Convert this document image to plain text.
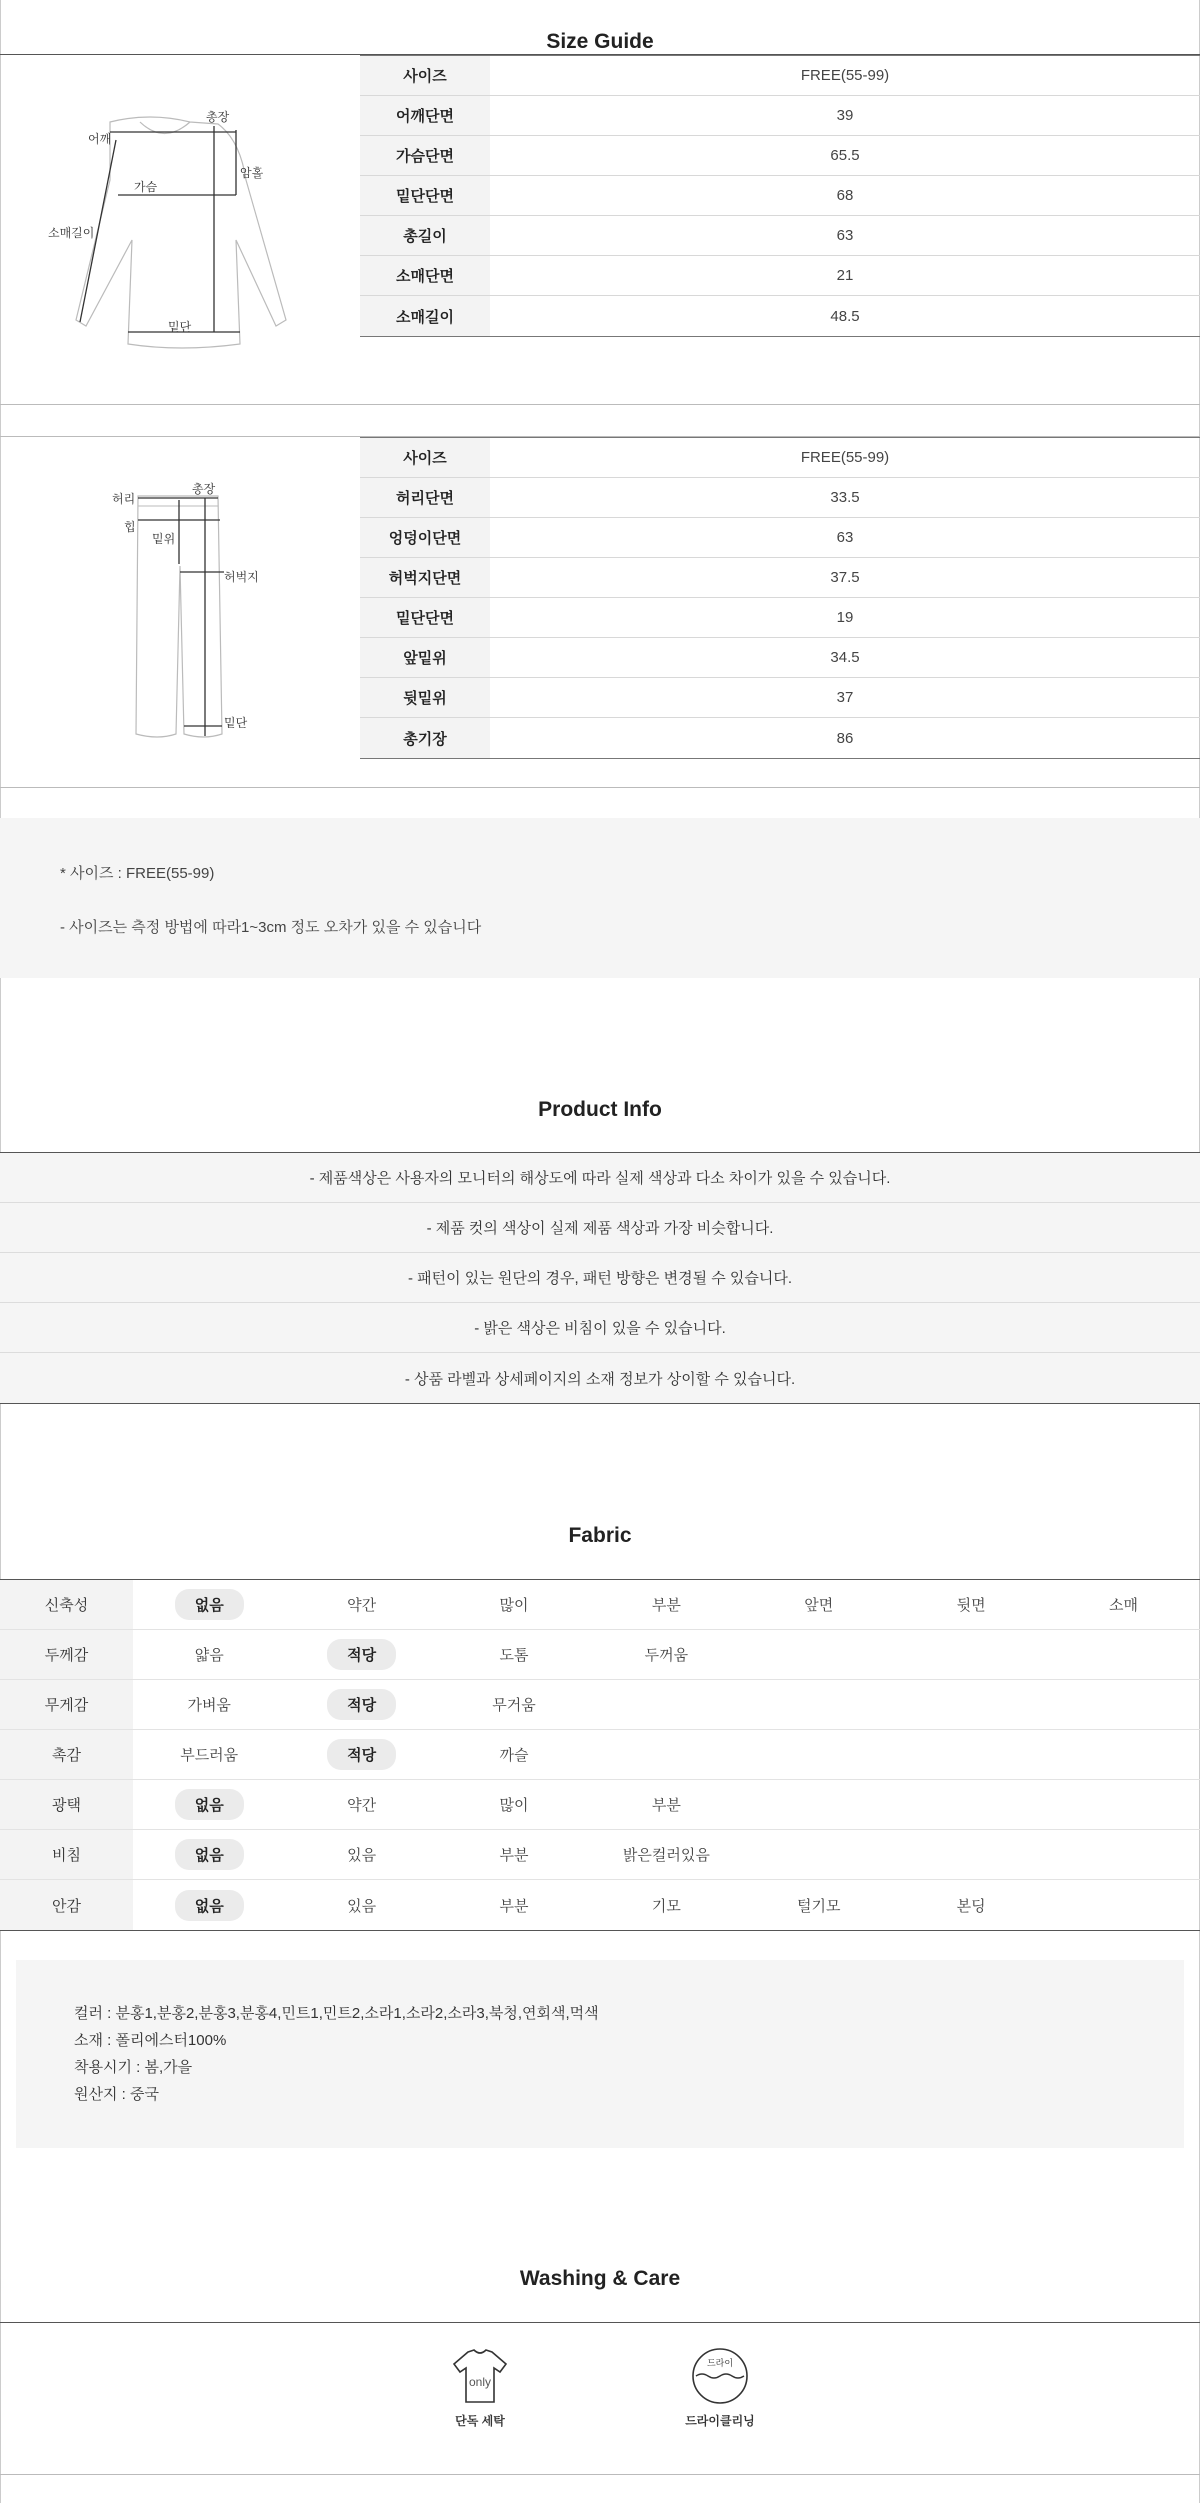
Size Guide
어깨
총장
가슴
암홀
소매길이
밑단
사이즈	FREE(55-99)
어깨단면	39
가슴단면	65.5
밑단단면	68
총길이	63
소매단면	21
소매길이	48.5
허리
총장
힙
밑위
허벅지
밑단
사이즈	FREE(55-99)
허리단면	33.5
엉덩이단면	63
허벅지단면	37.5
밑단단면	19
앞밑위	34.5
뒷밑위	37
총기장	86
* 사이즈 : FREE(55-99)
- 사이즈는 측정 방법에 따라1~3cm 정도 오차가 있을 수 있습니다
Product Info
- 제품색상은 사용자의 모니터의 해상도에 따라 실제 색상과 다소 차이가 있을 수 있습니다.
- 제품 컷의 색상이 실제 제품 색상과 가장 비슷합니다.
- 패턴이 있는 원단의 경우, 패턴 방향은 변경될 수 있습니다.
- 밝은 색상은 비침이 있을 수 있습니다.
- 상품 라벨과 상세페이지의 소재 정보가 상이할 수 있습니다.
Fabric
신축성	없음	약간	많이	부분	앞면	뒷면	소매
두께감	얇음	적당	도톰	두꺼움
무게감	가벼움	적당	무거움
촉감	부드러움	적당	까슬
광택	없음	약간	많이	부분
비침	없음	있음	부분	밝은컬러있음
안감	없음	있음	부분	기모	털기모	본딩
컬러 : 분홍1,분홍2,분홍3,분홍4,민트1,민트2,소라1,소라2,소라3,북청,연회색,먹색
소재 : 폴리에스터100%
착용시기 : 봄,가을
원산지 : 중국
Washing & Care
only
단독 세탁
드라이
드라이클리닝
